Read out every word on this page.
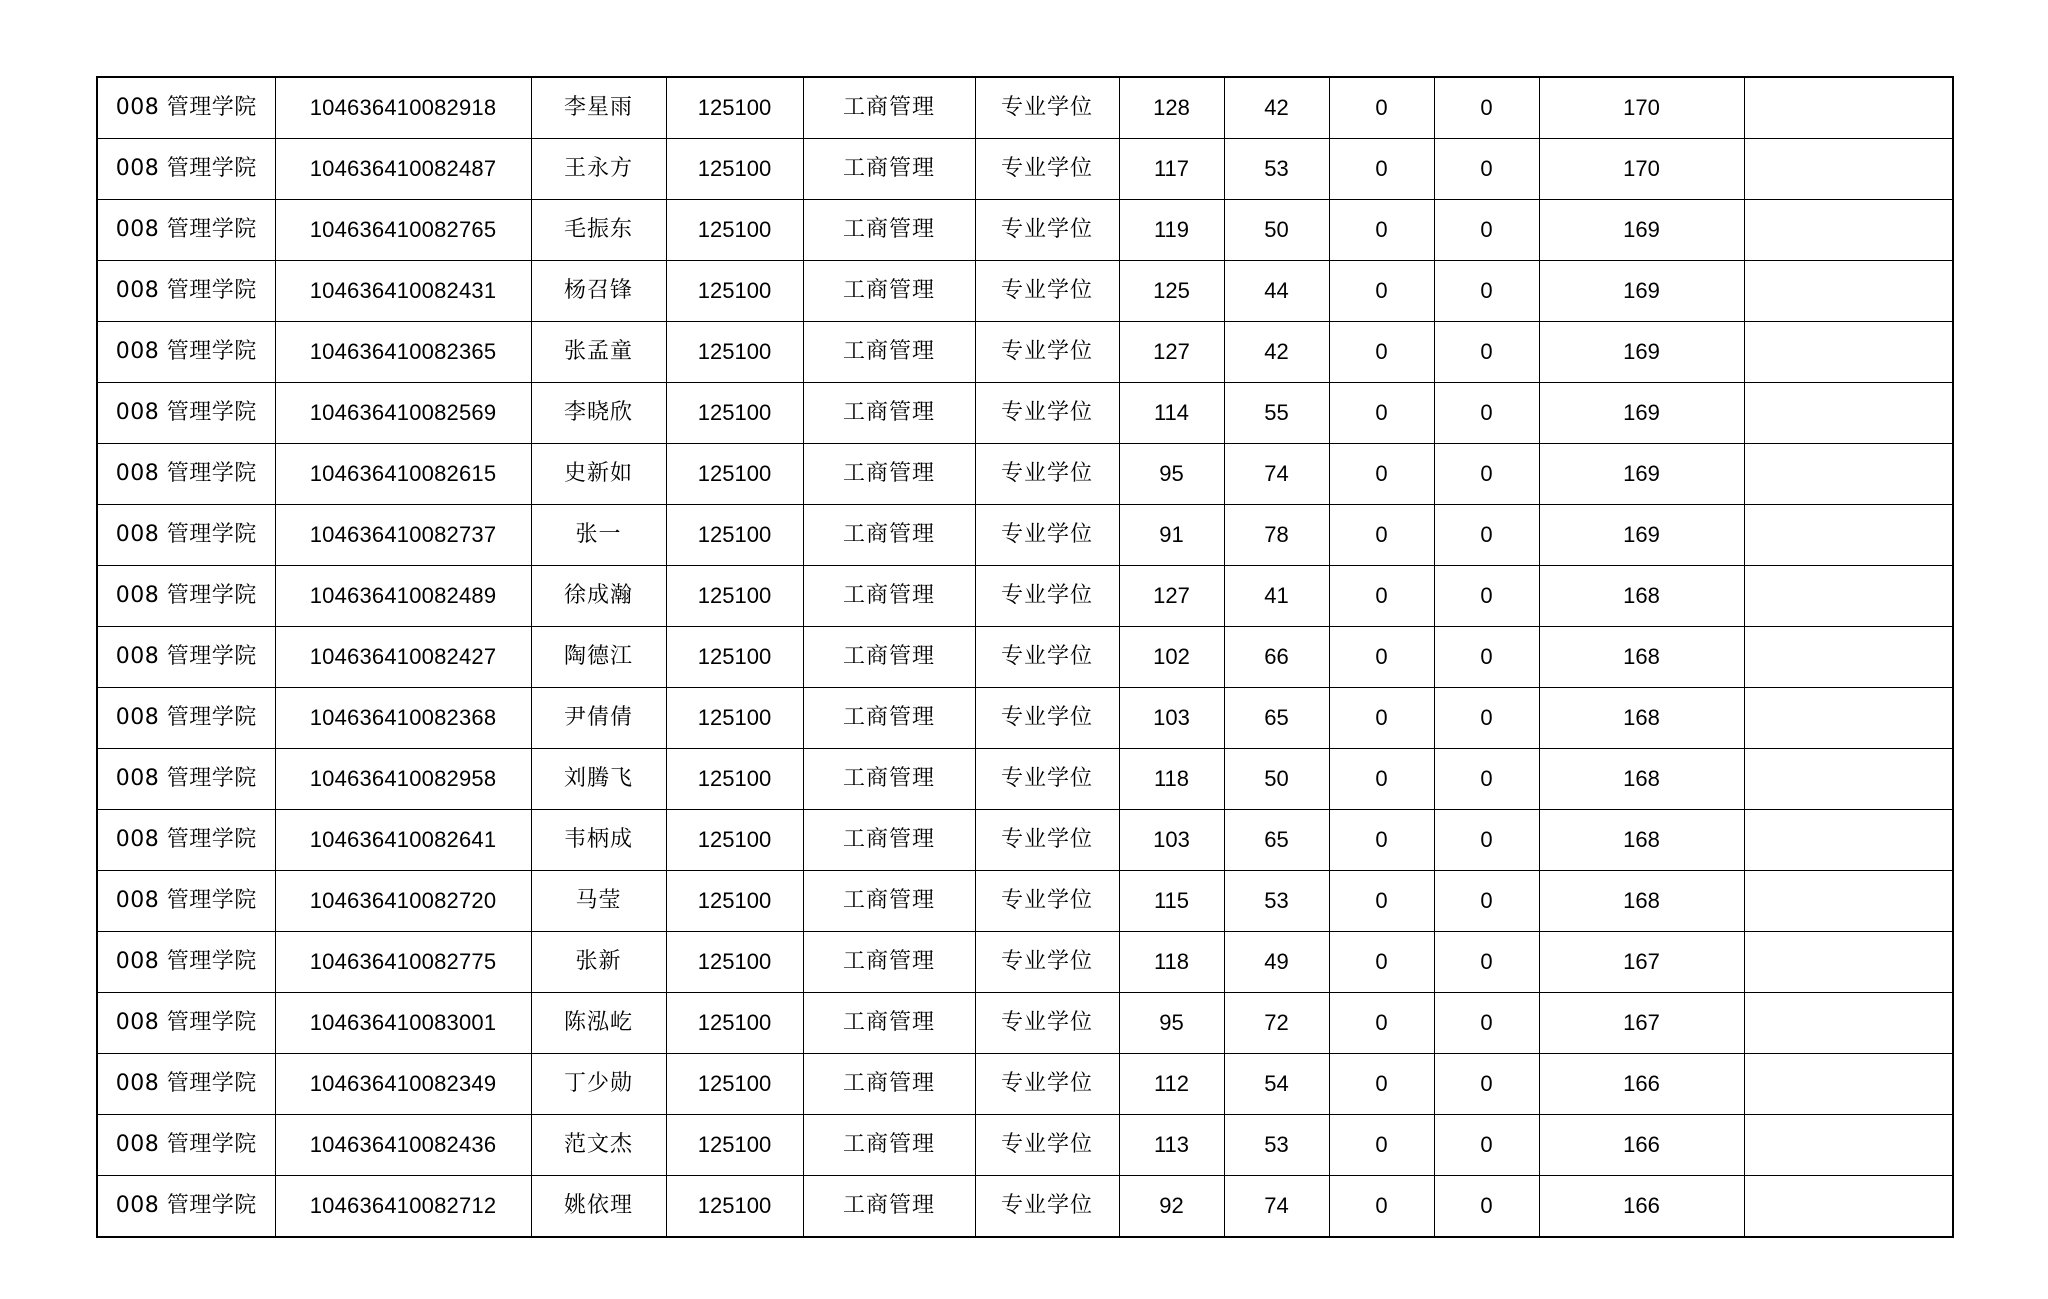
008 管理学院	104636410082918	李星雨	125100	工商管理	专业学位	128	42	0	0	170	
008 管理学院	104636410082487	王永方	125100	工商管理	专业学位	117	53	0	0	170	
008 管理学院	104636410082765	毛振东	125100	工商管理	专业学位	119	50	0	0	169	
008 管理学院	104636410082431	杨召锋	125100	工商管理	专业学位	125	44	0	0	169	
008 管理学院	104636410082365	张孟童	125100	工商管理	专业学位	127	42	0	0	169	
008 管理学院	104636410082569	李晓欣	125100	工商管理	专业学位	114	55	0	0	169	
008 管理学院	104636410082615	史新如	125100	工商管理	专业学位	95	74	0	0	169	
008 管理学院	104636410082737	张一	125100	工商管理	专业学位	91	78	0	0	169	
008 管理学院	104636410082489	徐成瀚	125100	工商管理	专业学位	127	41	0	0	168	
008 管理学院	104636410082427	陶德江	125100	工商管理	专业学位	102	66	0	0	168	
008 管理学院	104636410082368	尹倩倩	125100	工商管理	专业学位	103	65	0	0	168	
008 管理学院	104636410082958	刘腾飞	125100	工商管理	专业学位	118	50	0	0	168	
008 管理学院	104636410082641	韦柄成	125100	工商管理	专业学位	103	65	0	0	168	
008 管理学院	104636410082720	马莹	125100	工商管理	专业学位	115	53	0	0	168	
008 管理学院	104636410082775	张新	125100	工商管理	专业学位	118	49	0	0	167	
008 管理学院	104636410083001	陈泓屹	125100	工商管理	专业学位	95	72	0	0	167	
008 管理学院	104636410082349	丁少勋	125100	工商管理	专业学位	112	54	0	0	166	
008 管理学院	104636410082436	范文杰	125100	工商管理	专业学位	113	53	0	0	166	
008 管理学院	104636410082712	姚依理	125100	工商管理	专业学位	92	74	0	0	166	
